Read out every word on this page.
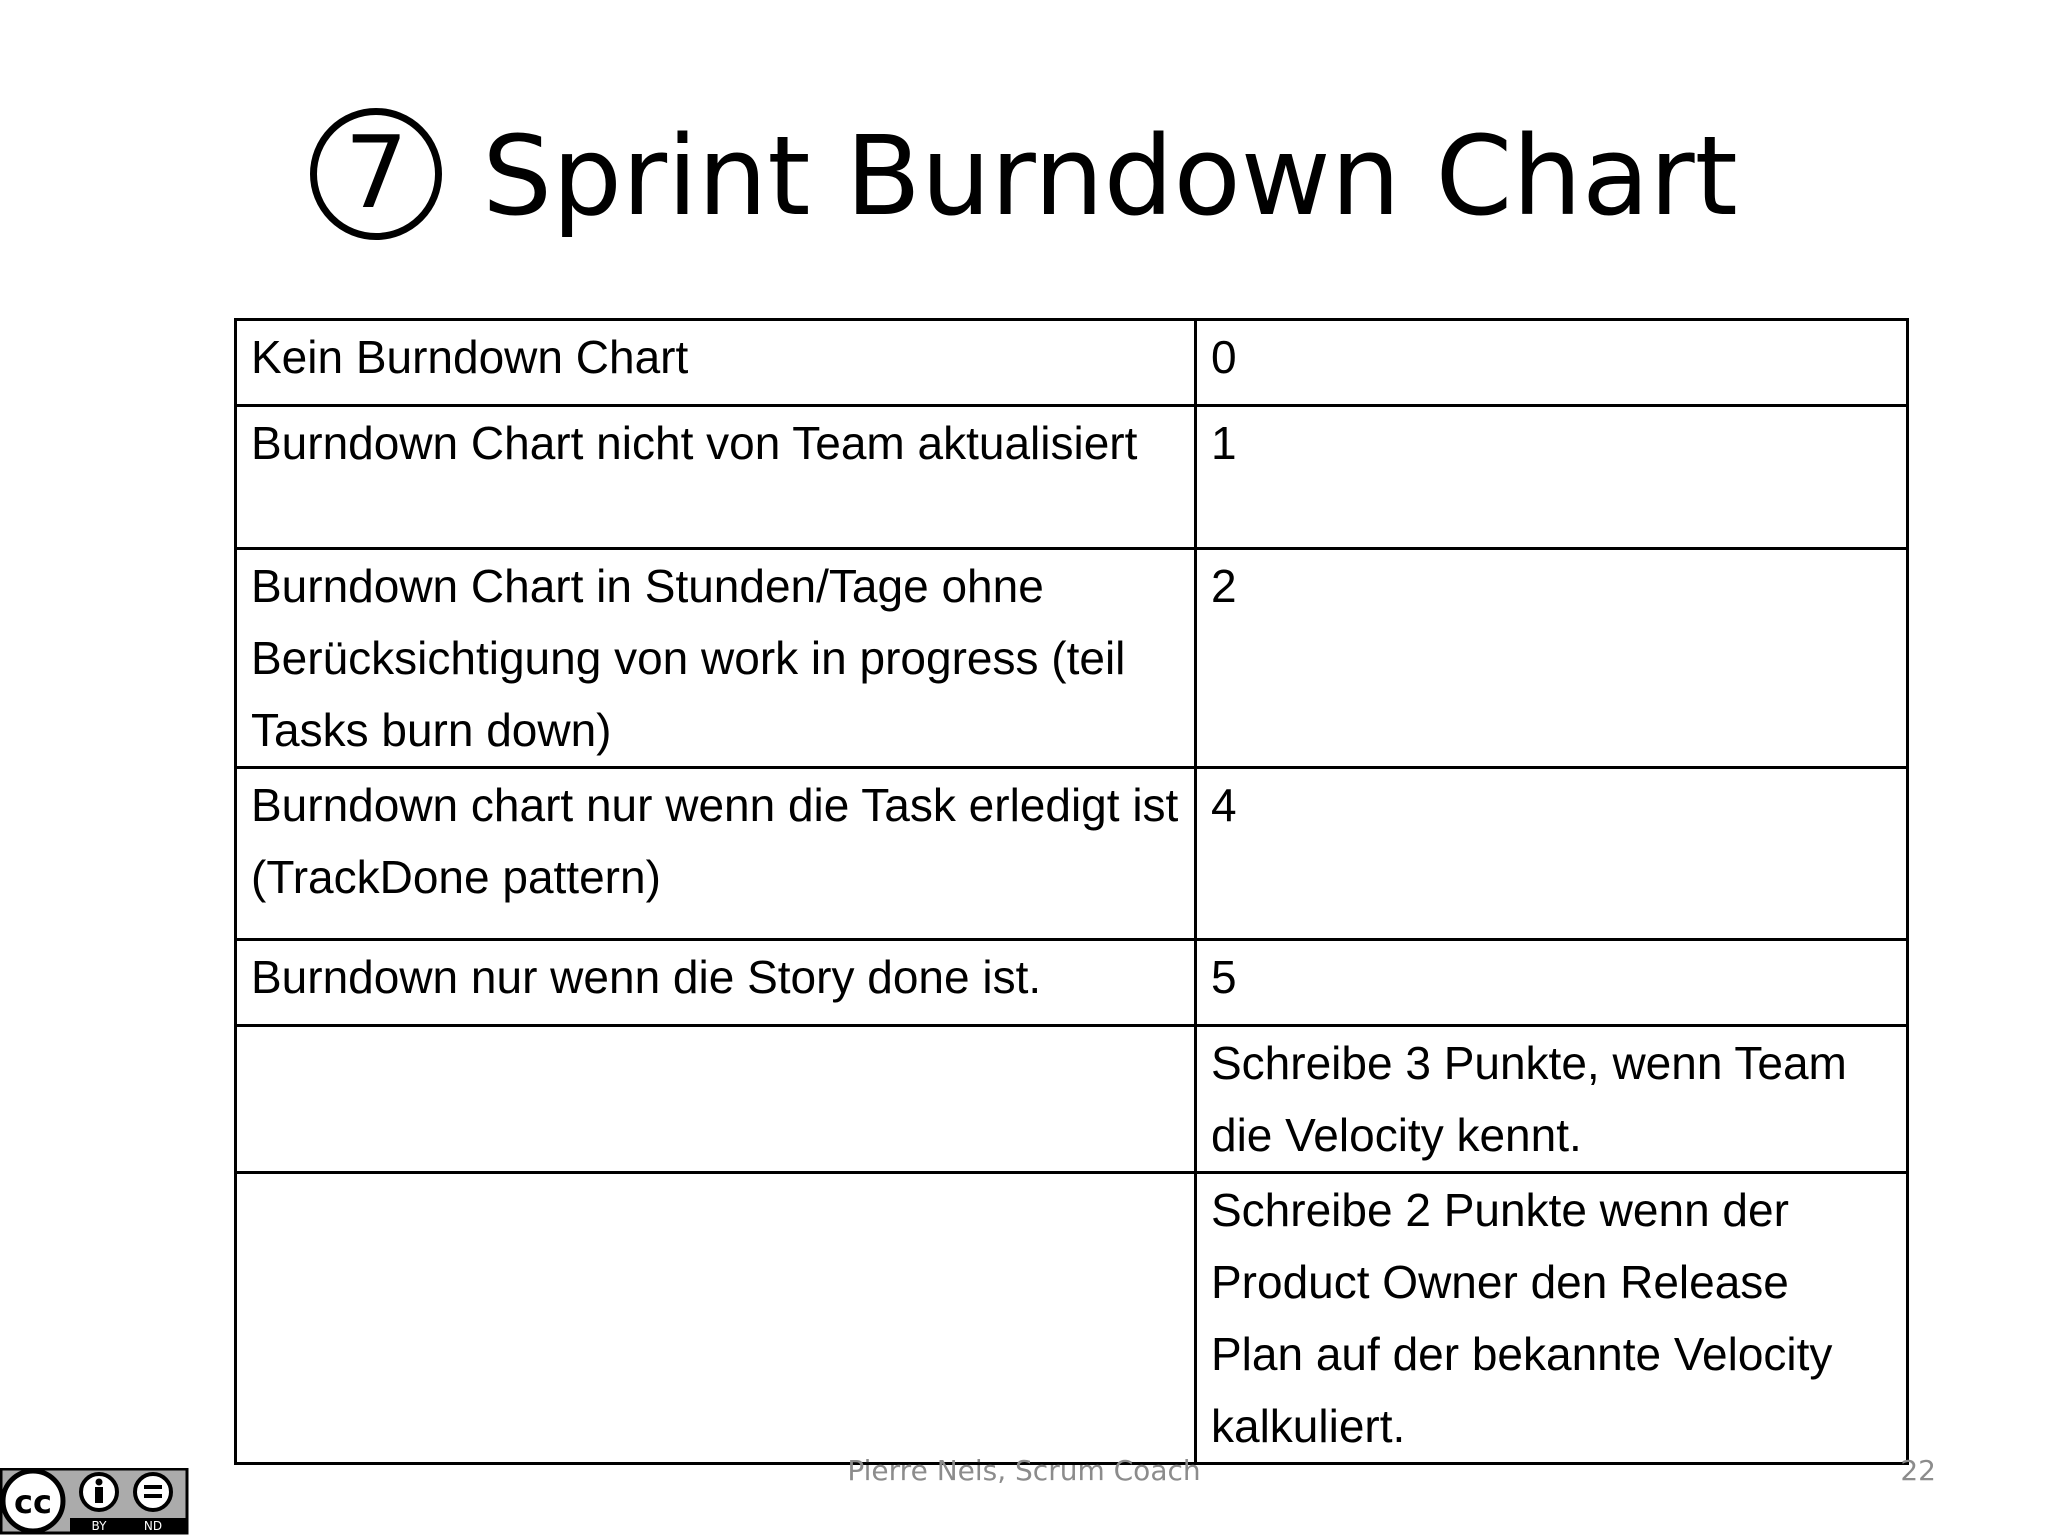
7 Sprint Burndown Chart
Kein Burndown Chart	0
Burndown Chart nicht von Team aktualisiert	1
Burndown Chart in Stunden/Tage ohne Berücksichtigung von work in progress (teil Tasks burn down)	2
Burndown chart nur wenn die Task erledigt ist (TrackDone pattern)	4
Burndown nur wenn die Story done ist.	5
	Schreibe 3 Punkte, wenn Team die Velocity kennt.
	Schreibe 2 Punkte wenn der Product Owner den Release Plan auf der bekannte Velocity kalkuliert.
cc
BY	ND
Pierre Neis, Scrum Coach	22
